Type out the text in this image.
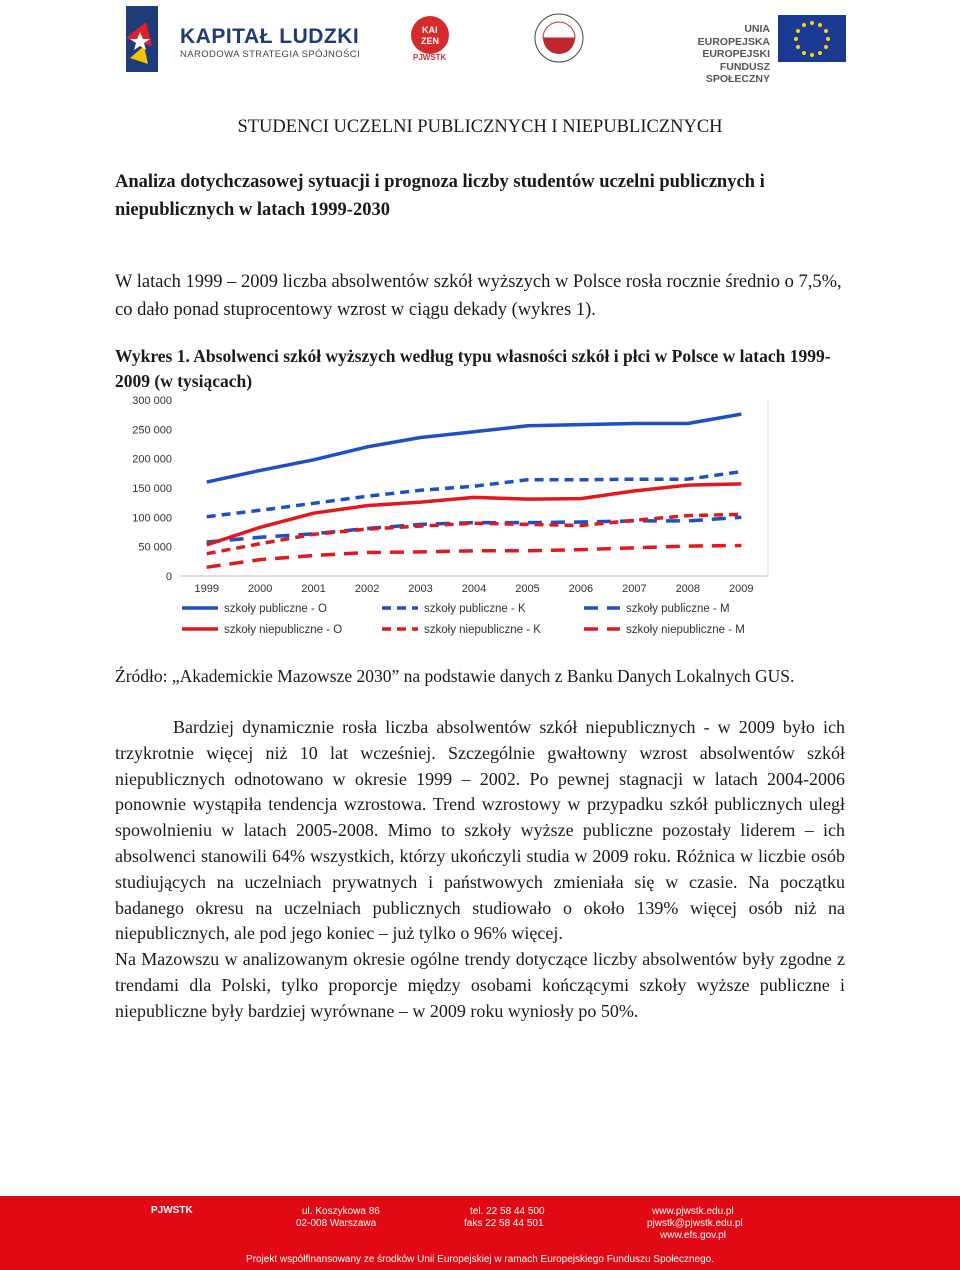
KAPITAŁ LUDZKI
NARODOWA STRATEGIA SPÓJNOŚCI
KAI
ZEN
PJWSTK
UNIA EUROPEJSKA
EUROPEJSKI
FUNDUSZ SPOŁECZNY
STUDENCI UCZELNI PUBLICZNYCH I NIEPUBLICZNYCH
Analiza dotychczasowej sytuacji i prognoza liczby studentów uczelni publicznych i niepublicznych w latach 1999-2030
W latach 1999 – 2009 liczba absolwentów szkół wyższych w Polsce rosła rocznie średnio o 7,5%, co dało ponad stuprocentowy wzrost w ciągu dekady (wykres 1).
Wykres 1. Absolwenci szkół wyższych według typu własności szkół i płci w Polsce w latach 1999-2009 (w tysiącach)
0
50 000
100 000
150 000
200 000
250 000
300 000
1999	2000	2001	2002	2003	2004	2005	2006	2007	2008	2009
szkoły publiczne - O	szkoły publiczne - K	szkoły publiczne - M
szkoły niepubliczne - O	szkoły niepubliczne - K	szkoły niepubliczne - M
Źródło: „Akademickie Mazowsze 2030” na podstawie danych z Banku Danych Lokalnych GUS.

Bardziej dynamicznie rosła liczba absolwentów szkół niepublicznych - w 2009 było ich trzykrotnie więcej niż 10 lat wcześniej. Szczególnie gwałtowny wzrost absolwentów szkół niepublicznych odnotowano w okresie 1999 – 2002. Po pewnej stagnacji w latach 2004-2006 ponownie wystąpiła tendencja wzrostowa. Trend wzrostowy w przypadku szkół publicznych uległ spowolnieniu w latach 2005-2008. Mimo to szkoły wyższe publiczne pozostały liderem – ich absolwenci stanowili 64% wszystkich, którzy ukończyli studia w 2009 roku. Różnica w liczbie osób studiujących na uczelniach prywatnych i państwowych zmieniała się w czasie. Na początku badanego okresu na uczelniach publicznych studiowało o około 139% więcej osób niż na niepublicznych, ale pod jego koniec – już tylko o 96% więcej.

Na Mazowszu w analizowanym okresie ogólne trendy dotyczące liczby absolwentów były zgodne z trendami dla Polski, tylko proporcje między osobami kończącymi szkoły wyższe publiczne i niepubliczne były bardziej wyrównane – w 2009 roku wyniosły po 50%.

PJWSTK	ul. Koszykowa 86
02-008 Warszawa
tel. 22 58 44 500
faks 22 58 44 501
www.pjwstk.edu.pl
pjwstk@pjwstk.edu.pl
www.efs.gov.pl
Projekt współfinansowany ze środków Unii Europejskiej w ramach Europejskiego Funduszu Społecznego.
